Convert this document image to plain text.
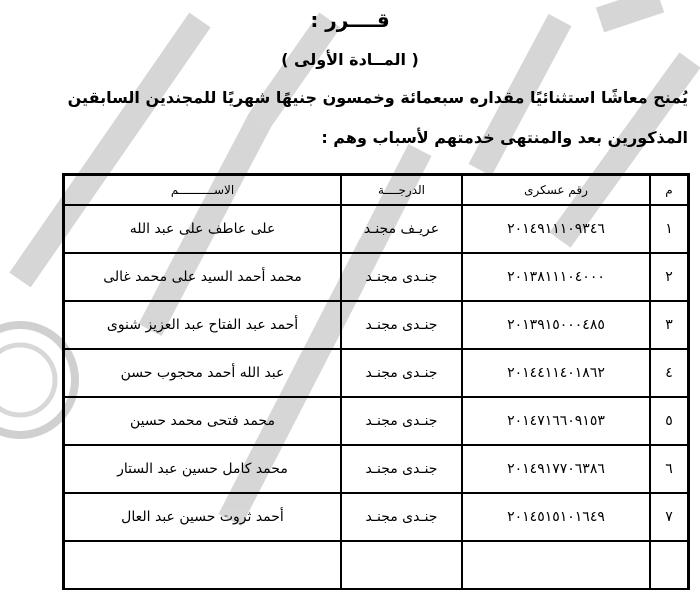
قــــرر :
( المــادة الأولى )
يُمنح معاشًا استثنائيًا مقداره سبعمائة وخمسون جنيهًا شهريًا للمجندين السابقين
المذكورين بعد والمنتهى خدمتهم لأسباب وهم :
م	رقم عسكرى	الدرجــــة	الاســــــــــم
١	٢٠١٤٩١١١٠٩٣٤٦	عريـف مجنـد	على عاطف على عبد الله
٢	٢٠١٣٨١١١٠٤٠٠٠	جنـدى مجنـد	محمد أحمد السيد على محمد غالى
٣	٢٠١٣٩١٥٠٠٠٤٨٥	جنـدى مجنـد	أحمد عبد الفتاح عبد العزيز شنوى
٤	٢٠١٤٤١١٤٠١٨٦٢	جنـدى مجنـد	عبد الله أحمد محجوب حسن
٥	٢٠١٤٧١٦٦٠٩١٥٣	جنـدى مجنـد	محمد فتحى محمد حسين
٦	٢٠١٤٩١٧٧٠٦٣٨٦	جنـدى مجنـد	محمد كامل حسين عبد الستار
٧	٢٠١٤٥١٥١٠١٦٤٩	جنـدى مجنـد	أحمد ثروت حسين عبد العال
